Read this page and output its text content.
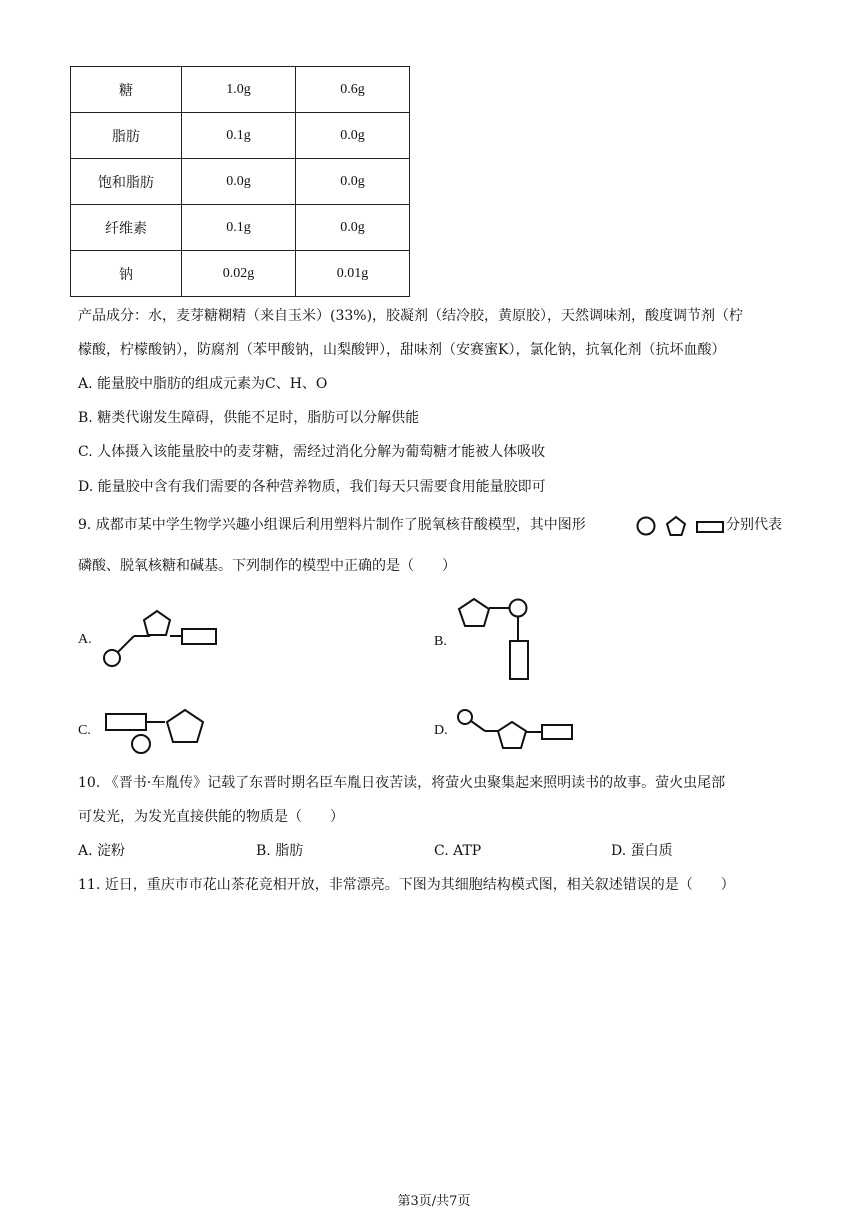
糖	1.0g	0.6g
脂肪	0.1g	0.0g
饱和脂肪	0.0g	0.0g
纤维素	0.1g	0.0g
钠	0.02g	0.01g
产品成分：水，麦芽糖糊精（来自玉米）(33%)，胶凝剂（结冷胶，黄原胶），天然调味剂，酸度调节剂（柠
檬酸，柠檬酸钠），防腐剂（苯甲酸钠，山梨酸钾），甜味剂（安赛蜜K），氯化钠，抗氧化剂（抗坏血酸）
A. 能量胶中脂肪的组成元素为C、H、O
B. 糖类代谢发生障碍，供能不足时，脂肪可以分解供能
C. 人体摄入该能量胶中的麦芽糖，需经过消化分解为葡萄糖才能被人体吸收
D. 能量胶中含有我们需要的各种营养物质，我们每天只需要食用能量胶即可
9. 成都市某中学生物学兴趣小组课后利用塑料片制作了脱氧核苷酸模型，其中图形	分别代表
磷酸、脱氧核糖和碱基。下列制作的模型中正确的是（　　）
A.	B.
C.	D.
10. 《晋书·车胤传》记载了东晋时期名臣车胤日夜苦读，将萤火虫聚集起来照明读书的故事。萤火虫尾部
可发光，为发光直接供能的物质是（　　）
A. 淀粉	B. 脂肪	C. ATP	D. 蛋白质
11. 近日，重庆市市花山茶花竞相开放，非常漂亮。下图为其细胞结构模式图，相关叙述错误的是（　　）
第3页/共7页
